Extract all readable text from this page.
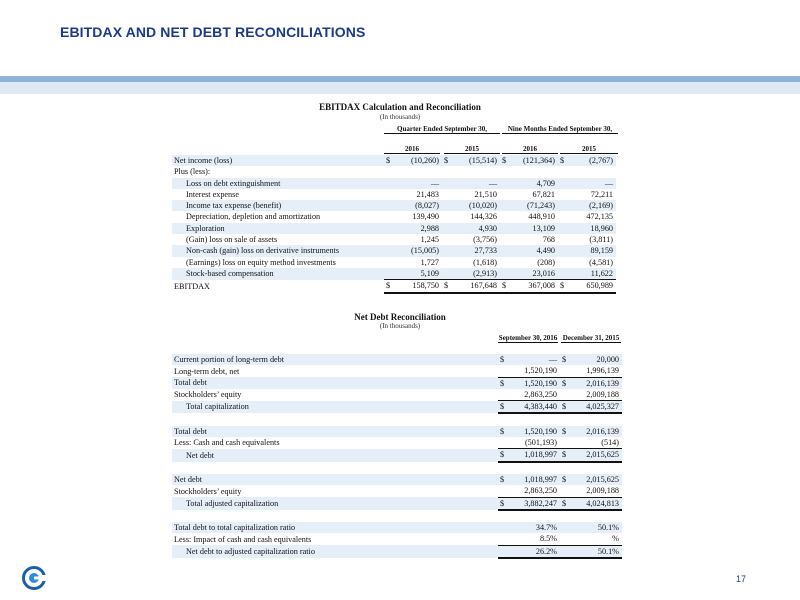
EBITDAX AND NET DEBT RECONCILIATIONS
EBITDAX Calculation and Reconciliation
(In thousands)
Quarter Ended September 30,	Nine Months Ended September 30,
2016	2015	2016	2015
Net income (loss)	$	(10,260)	$	(15,514)	$	(121,364)	$	(2,767)
Plus (less):								
Loss on debt extinguishment		—		—		4,709		—
Interest expense		21,483		21,510		67,821		72,211
Income tax expense (benefit)		(8,027)		(10,020)		(71,243)		(2,169)
Depreciation, depletion and amortization		139,490		144,326		448,910		472,135
Exploration		2,988		4,930		13,109		18,960
(Gain) loss on sale of assets		1,245		(3,756)		768		(3,811)
Non-cash (gain) loss on derivative instruments		(15,005)		27,733		4,490		89,159
(Earnings) loss on equity method investments		1,727		(1,618)		(208)		(4,581)
Stock-based compensation		5,109		(2,913)		23,016		11,622
EBITDAX	$	158,750	$	167,648	$	367,008	$	650,989
Net Debt Reconciliation
(In thousands)
September 30, 2016 December 31, 2015
Current portion of long-term debt	$	—	$	20,000
Long-term debt, net		1,520,190		1,996,139
Total debt	$	1,520,190	$	2,016,139
Stockholders’ equity		2,863,250		2,009,188
Total capitalization	$	4,383,440	$	4,025,327

Total debt	$	1,520,190	$	2,016,139
Less: Cash and cash equivalents		(501,193)		(514)
Net debt	$	1,018,997	$	2,015,625

Net debt	$	1,018,997	$	2,015,625
Stockholders’ equity		2,863,250		2,009,188
Total adjusted capitalization	$	3,882,247	$	4,024,813

Total debt to total capitalization ratio		34.7%		50.1%
Less: Impact of cash and cash equivalents		8.5%		%
Net debt to adjusted capitalization ratio		26.2%		50.1%
17
